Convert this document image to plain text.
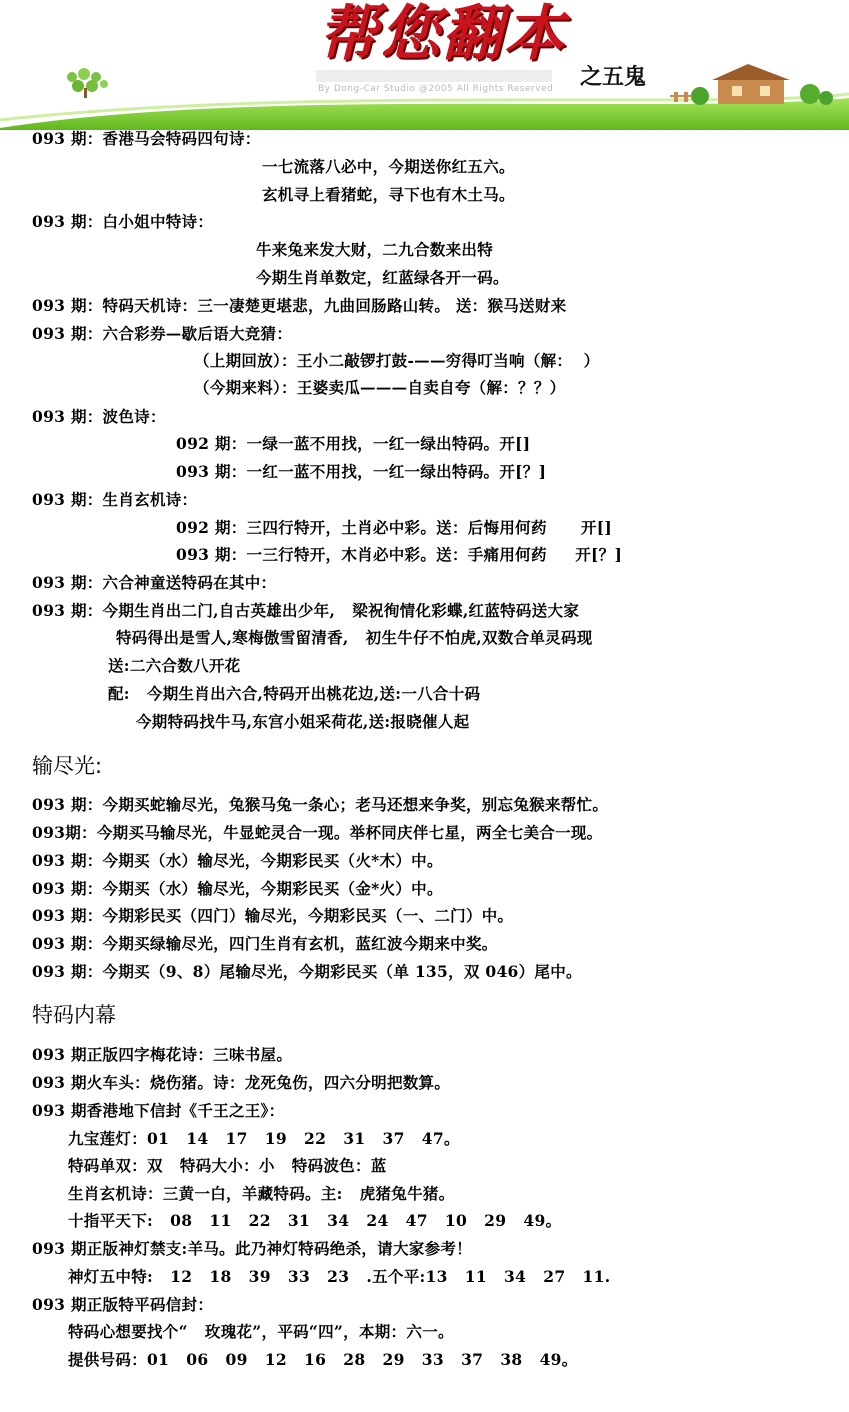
帮您翻本
之五鬼
By Dong-Car Studio @2005 All Rights Reserved
093 期：香港马会特码四句诗：
一七流落八必中，今期送你红五六。
玄机寻上看猪蛇，寻下也有木土马。
093 期：白小姐中特诗：
牛来兔来发大财，二九合数来出特
今期生肖单数定，红蓝绿各开一码。
093 期：特码天机诗：三一凄楚更堪悲，九曲回肠路山转。 送：猴马送财来
093 期：六合彩券—歇后语大竞猜：
（上期回放）：王小二敲锣打鼓-——穷得叮当响（解：  ）
（今期来料）：王婆卖瓜———自卖自夸（解：？？）
093 期：波色诗：
092 期：一绿一蓝不用找，一红一绿出特码。开[]
093 期：一红一蓝不用找，一红一绿出特码。开[？]
093 期：生肖玄机诗：
092 期：三四行特开，土肖必中彩。送：后悔用何药      开[]
093 期：一三行特开，木肖必中彩。送：手痛用何药     开[？]
093 期：六合神童送特码在其中：
093 期：今期生肖出二门,自古英雄出少年,   梁祝徇情化彩蝶,红蓝特码送大家
特码得出是雪人,寒梅傲雪留清香,   初生牛仔不怕虎,双数合单灵码现
送:二六合数八开花
配:   今期生肖出六合,特码开出桃花边,送:一八合十码
今期特码找牛马,东宫小姐采荷花,送:报晓催人起
输尽光:
093 期：今期买蛇输尽光，兔猴马兔一条心；老马还想来争奖，别忘兔猴来帮忙。
093期：今期买马输尽光，牛显蛇灵合一现。举杯同庆伴七星，两全七美合一现。
093 期：今期买（水）输尽光，今期彩民买（火*木）中。
093 期：今期买（水）输尽光，今期彩民买（金*火）中。
093 期：今期彩民买（四门）输尽光，今期彩民买（一、二门）中。
093 期：今期买绿输尽光，四门生肖有玄机，蓝红波今期来中奖。
093 期：今期买（9、8）尾输尽光，今期彩民买（单 135，双 046）尾中。
特码内幕
093 期正版四字梅花诗：三味书屋。
093 期火车头：烧伤猪。诗：龙死兔伤，四六分明把数算。
093 期香港地下信封《千王之王》：
九宝莲灯：01   14   17   19   22   31   37   47。
特码单双：双   特码大小：小   特码波色：蓝
生肖玄机诗：三黄一白，羊藏特码。主:   虎猪兔牛猪。
十指平天下:   08   11   22   31   34   24   47   10   29   49。
093 期正版神灯禁支:羊马。此乃神灯特码绝杀，请大家参考！
神灯五中特:   12   18   39   33   23   .五个平:13   11   34   27   11.
093 期正版特平码信封：
特码心想要找个“   玫瑰花”，平码“四”，本期：六一。
提供号码：01   06   09   12   16   28   29   33   37   38   49。
